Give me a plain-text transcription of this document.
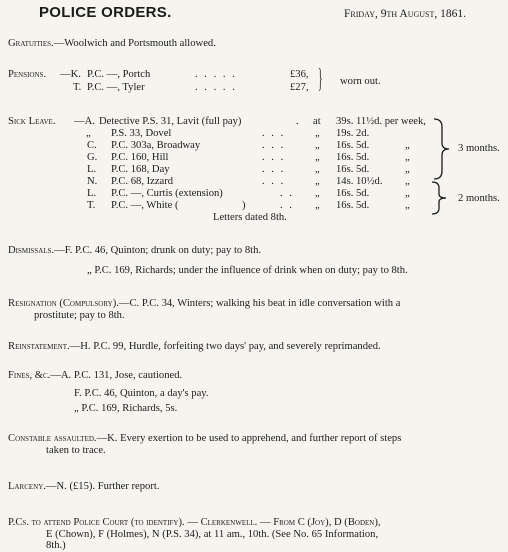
POLICE ORDERS.	Friday, 9th August, 1861.
Gratuities.—Woolwich and Portsmouth allowed.
Pensions. —K. P.C. —, Portch	. . . . .	£36,
T. P.C. —, Tyler	. . . . .	£27, } worn out.
Sick Leave. —A. Detective P.S. 31, Lavit (full pay)	. at 39s. 11½d. per week,
„ P.S. 33, Dovel	. . .	„ 19s. 2d.
C. P.C. 303a, Broadway	. . .	„ 16s. 5d.	„
G. P.C. 160, Hill	. . .	„ 16s. 5d.	„
L. P.C. 168, Day	. . .	„ 16s. 5d.	„
N. P.C. 68, Izzard	. . .	„ 14s. 10½d. „
L. P.C. —, Curtis (extension)	. . „ 16s. 5d.	„
T. P.C. —, White (	)	. . „ 16s. 5d.	„
3 months.
2 months.
Letters dated 8th.
Dismissals.—F. P.C. 46, Quinton; drunk on duty; pay to 8th.
„ P.C. 169, Richards; under the influence of drink when on duty; pay to 8th.
Resignation (Compulsory).—C. P.C. 34, Winters; walking his beat in idle conversation with a
prostitute; pay to 8th.
Reinstatement.—H. P.C. 99, Hurdle, forfeiting two days' pay, and severely reprimanded.
Fines, &c.—A. P.C. 131, Jose, cautioned.
F. P.C. 46, Quinton, a day's pay.
„ P.C. 169, Richards, 5s.
Constable assaulted.—K. Every exertion to be used to apprehend, and further report of steps
taken to trace.
Larceny.—N. (£15). Further report.
P.Cs. to attend Police Court (to identify). — Clerkenwell. — From C (Joy), D (Boden),
E (Chown), F (Holmes), N (P.S. 34), at 11 am., 10th. (See No. 65 Information,
8th.)
